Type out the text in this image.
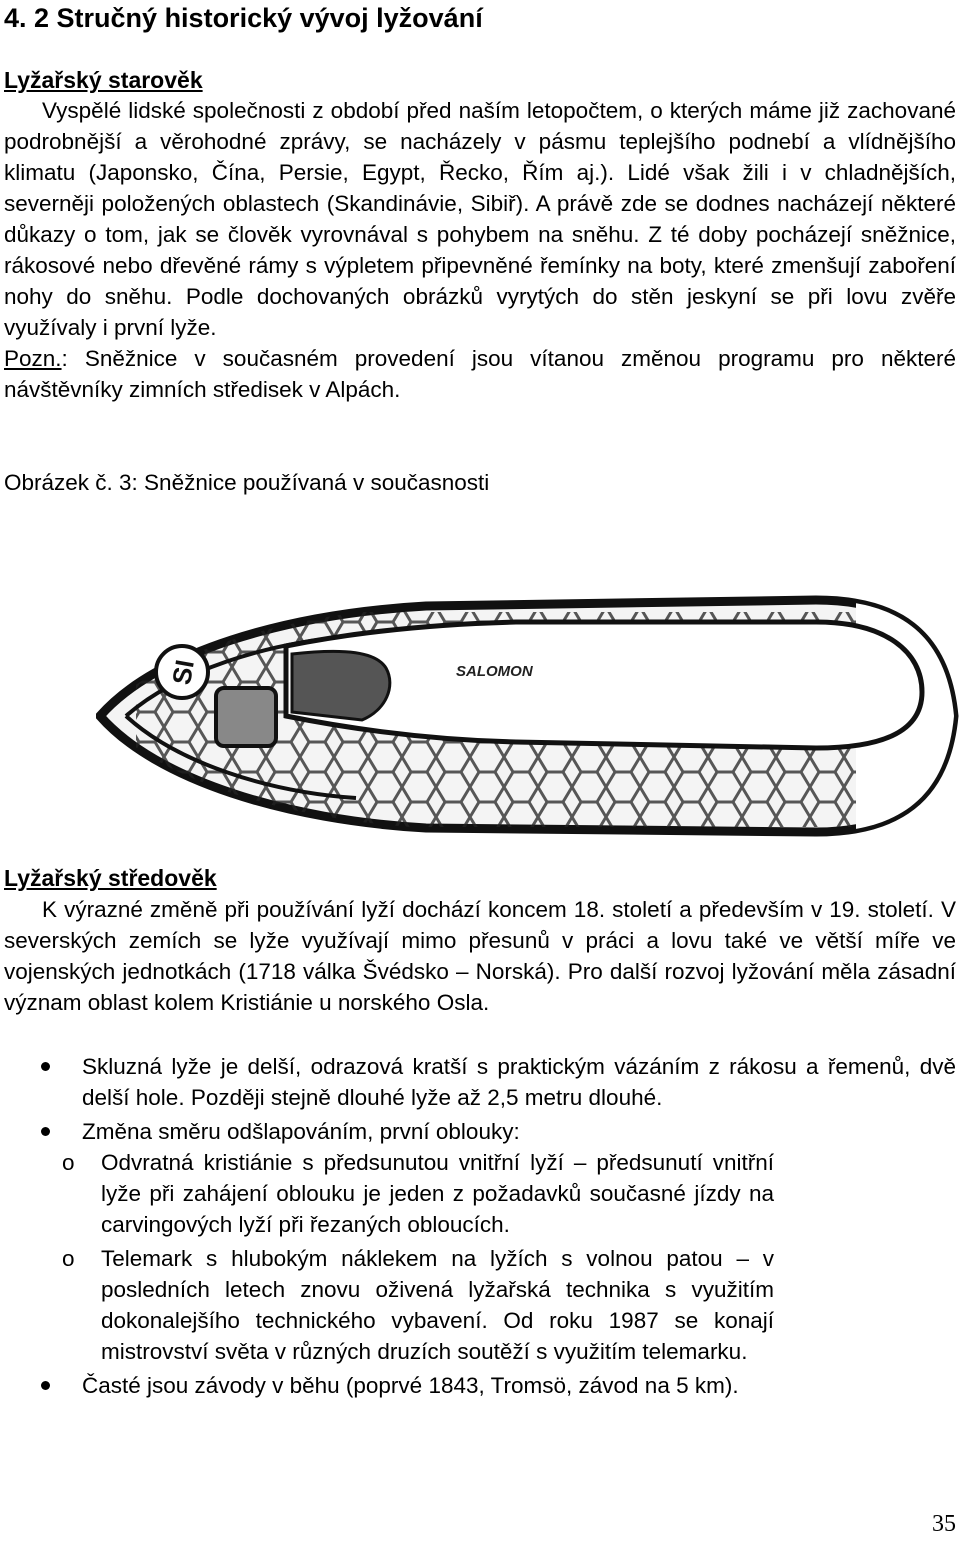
4. 2 Stručný historický vývoj lyžování
Lyžařský starověk

Vyspělé lidské společnosti z období před naším letopočtem, o kterých máme již zachované podrobnější a věrohodné zprávy, se nacházely v pásmu teplejšího podnebí a vlídnějšího klimatu (Japonsko, Čína, Persie, Egypt, Řecko, Řím aj.). Lidé však žili i v chladnějších, severněji položených oblastech (Skandinávie, Sibiř). A právě zde se dodnes nacházejí některé důkazy o tom, jak se člověk vyrovnával s pohybem na sněhu. Z té doby pocházejí sněžnice, rákosové nebo dřevěné rámy s výpletem připevněné řemínky na boty, které zmenšují zaboření nohy do sněhu. Podle dochovaných obrázků vyrytých do stěn jeskyní se při lovu zvěře využívaly i první lyže.
Pozn.: Sněžnice v současném provedení jsou vítanou změnou programu pro některé návštěvníky zimních středisek v Alpách.

Obrázek č. 3: Sněžnice používaná v současnosti

SI	SALOMON
Lyžařský středověk

K výrazné změně při používání lyží dochází koncem 18. století a především v 19. století. V severských zemích se lyže využívají mimo přesunů v práci a lovu také ve větší míře ve vojenských jednotkách (1718 válka Švédsko – Norská). Pro další rozvoj lyžování měla zásadní význam oblast kolem Kristiánie u norského Osla.

Skluzná lyže je delší, odrazová kratší s praktickým vázáním z rákosu a řemenů, dvě delší hole. Později stejně dlouhé lyže až 2,5 metru dlouhé.
Změna směru odšlapováním, první oblouky:
o Odvratná kristiánie s předsunutou vnitřní lyží – předsunutí vnitřní lyže při zahájení oblouku je jeden z požadavků současné jízdy na carvingových lyží při řezaných obloucích.
o Telemark s hlubokým náklekem na lyžích s volnou patou – v posledních letech znovu oživená lyžařská technika s využitím dokonalejšího technického vybavení. Od roku 1987 se konají mistrovství světa v různých druzích soutěží s využitím telemarku.
Časté jsou závody v běhu (poprvé 1843, Tromsö, závod na 5 km).

35
